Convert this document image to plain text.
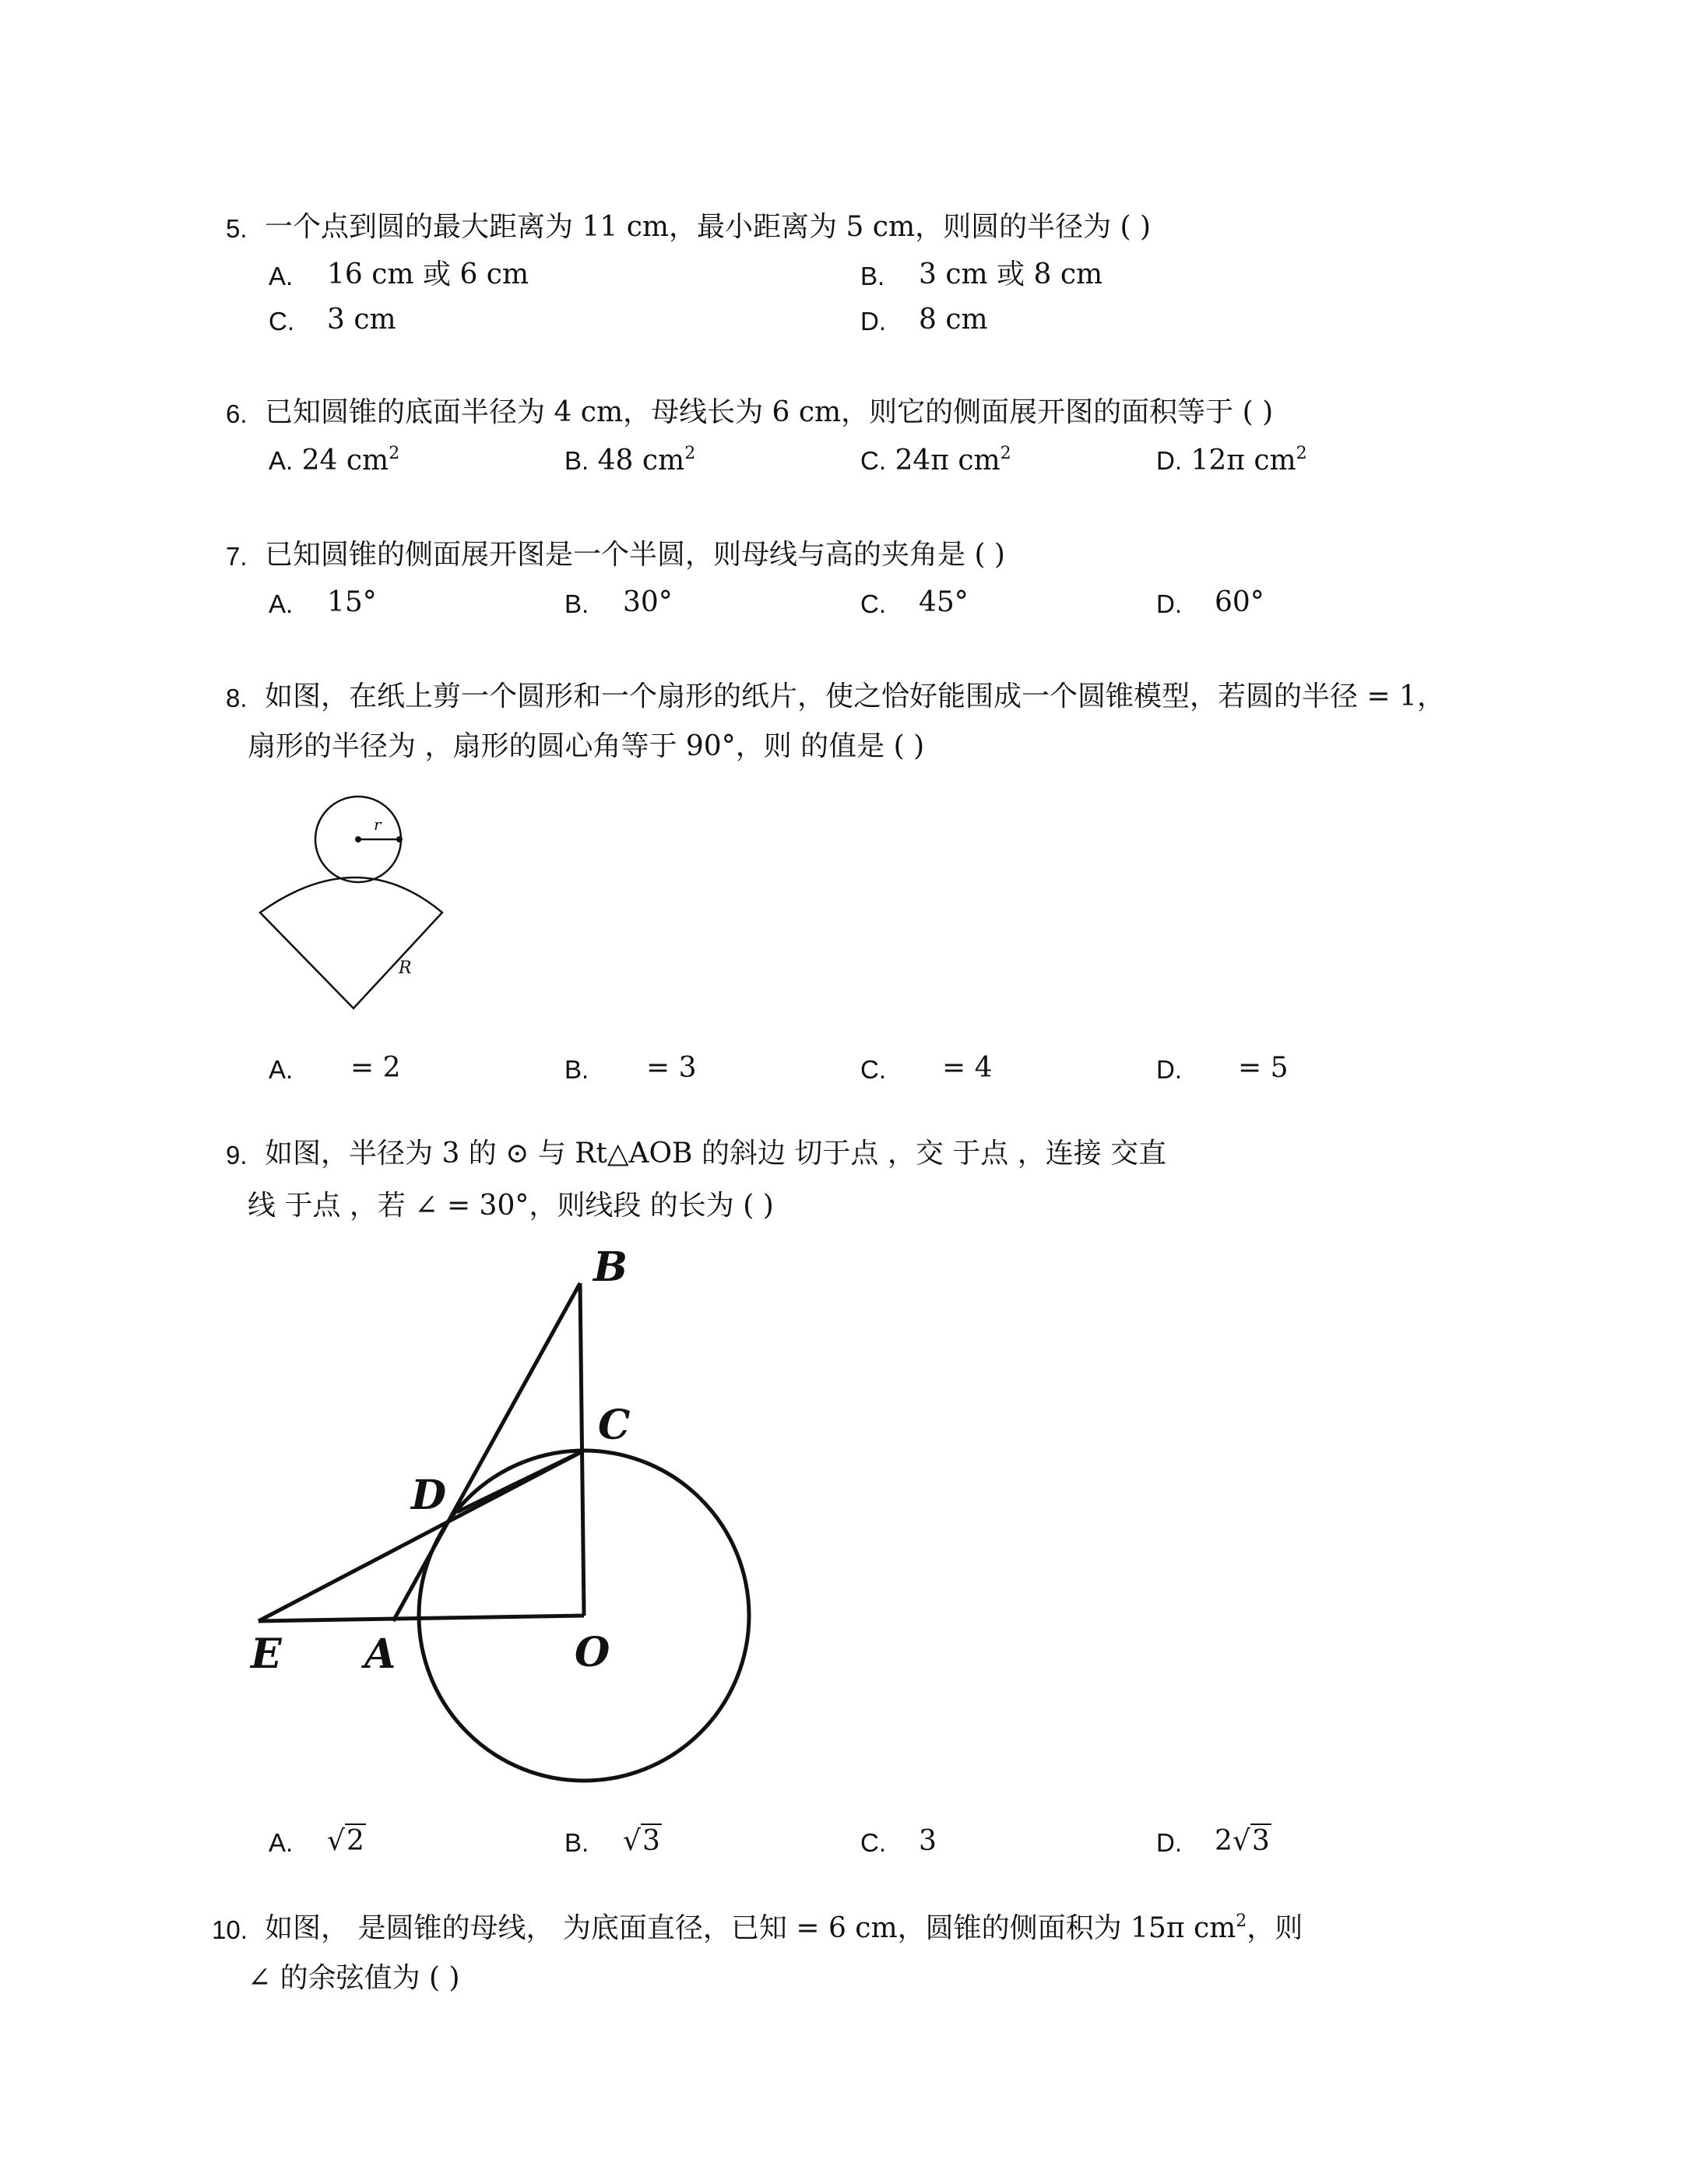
5. 一个点到圆的最大距离为 11 cm，最小距离为 5 cm，则圆的半径为 ( )
A. 16 cm 或 6 cm	B. 3 cm 或 8 cm
C. 3 cm	D. 8 cm
6. 已知圆锥的底面半径为 4 cm，母线长为 6 cm，则它的侧面展开图的面积等于 ( )
A. 24 $cm^2$	B. 48 $cm^2$	C. 24π $cm^2$	D. 12π $cm^2$
7. 已知圆锥的侧面展开图是一个半圆，则母线与高的夹角是 ( )
A. 15°	B. 30°	C. 45°	D. 60°
8. 如图，在纸上剪一个圆形和一个扇形的纸片，使之恰好能围成一个圆锥模型，若圆的半径 = 1，
扇形的半径为 ，扇形的圆心角等于 90°，则 的值是 ( )
r
R
A. = 2	B. = 3	C. = 4	D. = 5
9. 如图，半径为 3 的 ⊙ 与 Rt△AOB 的斜边 切于点 ，交 于点 ，连接 交直
线 于点 ，若 ∠ = 30°，则线段 的长为 ( )
B
C
D
E A	O
A. √2	B. √3	C. 3	D. 2√3
10. 如图， 是圆锥的母线， 为底面直径，已知 = 6 cm，圆锥的侧面积为 15π $cm^2$，则
∠ 的余弦值为 ( )
